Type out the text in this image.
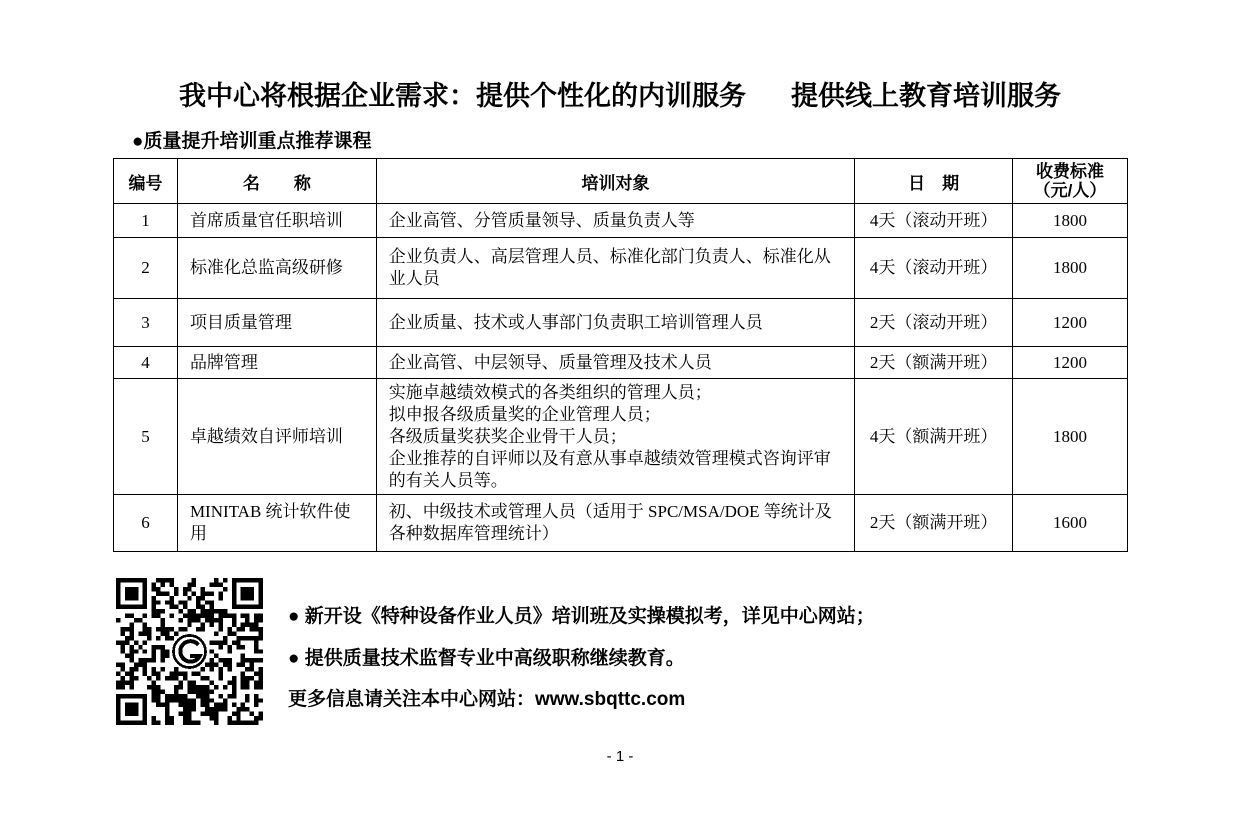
我中心将根据企业需求：提供个性化的内训服务      提供线上教育培训服务
●质量提升培训重点推荐课程
编号	名　　称	培训对象	日　期	收费标准（元/人）
1	首席质量官任职培训	企业高管、分管质量领导、质量负责人等	4天（滚动开班）	1800
2	标准化总监高级研修	企业负责人、高层管理人员、标准化部门负责人、标准化从业人员	4天（滚动开班）	1800
3	项目质量管理	企业质量、技术或人事部门负责职工培训管理人员	2天（滚动开班）	1200
4	品牌管理	企业高管、中层领导、质量管理及技术人员	2天（额满开班）	1200
5	卓越绩效自评师培训	实施卓越绩效模式的各类组织的管理人员；
拟申报各级质量奖的企业管理人员；
各级质量奖获奖企业骨干人员；
企业推荐的自评师以及有意从事卓越绩效管理模式咨询评审的有关人员等。	4天（额满开班）	1800
6	MINITAB 统计软件使用	初、中级技术或管理人员（适用于 SPC/MSA/DOE 等统计及各种数据库管理统计）	2天（额满开班）	1600
● 新开设《特种设备作业人员》培训班及实操模拟考，详见中心网站；
● 提供质量技术监督专业中高级职称继续教育。
更多信息请关注本中心网站：www.sbqttc.com
- 1 -
